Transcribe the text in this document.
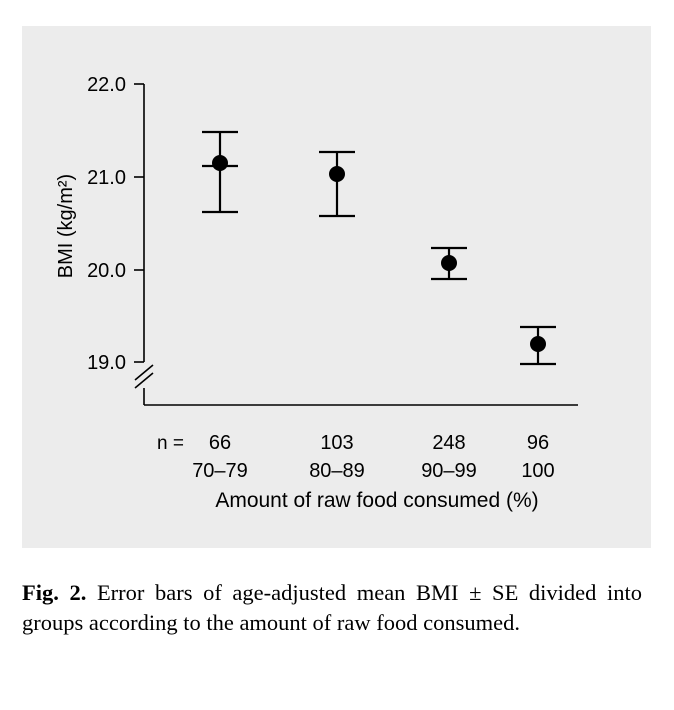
22.0
21.0
20.0
19.0
BMI (kg/m²)
n = 66	103	248	96
70–79	80–89	90–99 100
Amount of raw food consumed (%)
Fig. 2. Error bars of age-adjusted mean BMI ± SE divided into groups according to the amount of raw food consumed.
